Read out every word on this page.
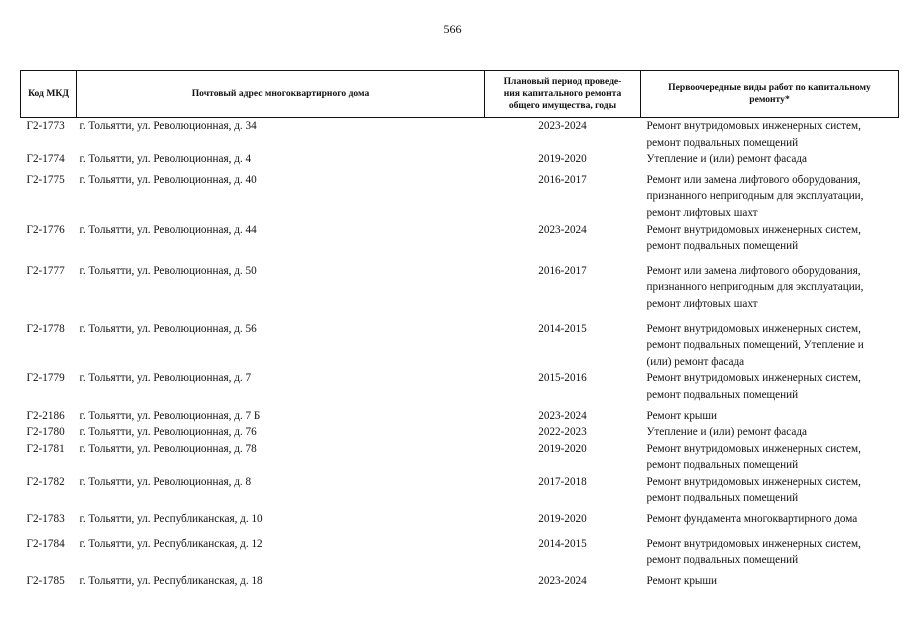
566
Код МКД	Почтовый адрес многоквартирного дома	Плановый период проведе-
ния капитального ремонта
общего имущества, годы	Первоочередные виды работ по капитальному
ремонту*

Г2-1773	г. Тольятти, ул. Революционная, д. 34	2023-2024	Ремонт внутридомовых инженерных систем,
ремонт подвальных помещений

Г2-1774	г. Тольятти, ул. Революционная, д. 4	2019-2020	Утепление и (или) ремонт фасада

Г2-1775	г. Тольятти, ул. Революционная, д. 40	2016-2017	Ремонт или замена лифтового оборудования,
признанного непригодным для эксплуатации,
ремонт лифтовых шахт

Г2-1776	г. Тольятти, ул. Революционная, д. 44	2023-2024	Ремонт внутридомовых инженерных систем,
ремонт подвальных помещений

Г2-1777	г. Тольятти, ул. Революционная, д. 50	2016-2017	Ремонт или замена лифтового оборудования,
признанного непригодным для эксплуатации,
ремонт лифтовых шахт

Г2-1778	г. Тольятти, ул. Революционная, д. 56	2014-2015	Ремонт внутридомовых инженерных систем,
ремонт подвальных помещений, Утепление и
(или) ремонт фасада

Г2-1779	г. Тольятти, ул. Революционная, д. 7	2015-2016	Ремонт внутридомовых инженерных систем,
ремонт подвальных помещений

Г2-2186	г. Тольятти, ул. Революционная, д. 7 Б	2023-2024	Ремонт крыши

Г2-1780	г. Тольятти, ул. Революционная, д. 76	2022-2023	Утепление и (или) ремонт фасада

Г2-1781	г. Тольятти, ул. Революционная, д. 78	2019-2020	Ремонт внутридомовых инженерных систем,
ремонт подвальных помещений

Г2-1782	г. Тольятти, ул. Революционная, д. 8	2017-2018	Ремонт внутридомовых инженерных систем,
ремонт подвальных помещений

Г2-1783	г. Тольятти, ул. Республиканская, д. 10	2019-2020	Ремонт фундамента многоквартирного дома

Г2-1784	г. Тольятти, ул. Республиканская, д. 12	2014-2015	Ремонт внутридомовых инженерных систем,
ремонт подвальных помещений

Г2-1785	г. Тольятти, ул. Республиканская, д. 18	2023-2024	Ремонт крыши
